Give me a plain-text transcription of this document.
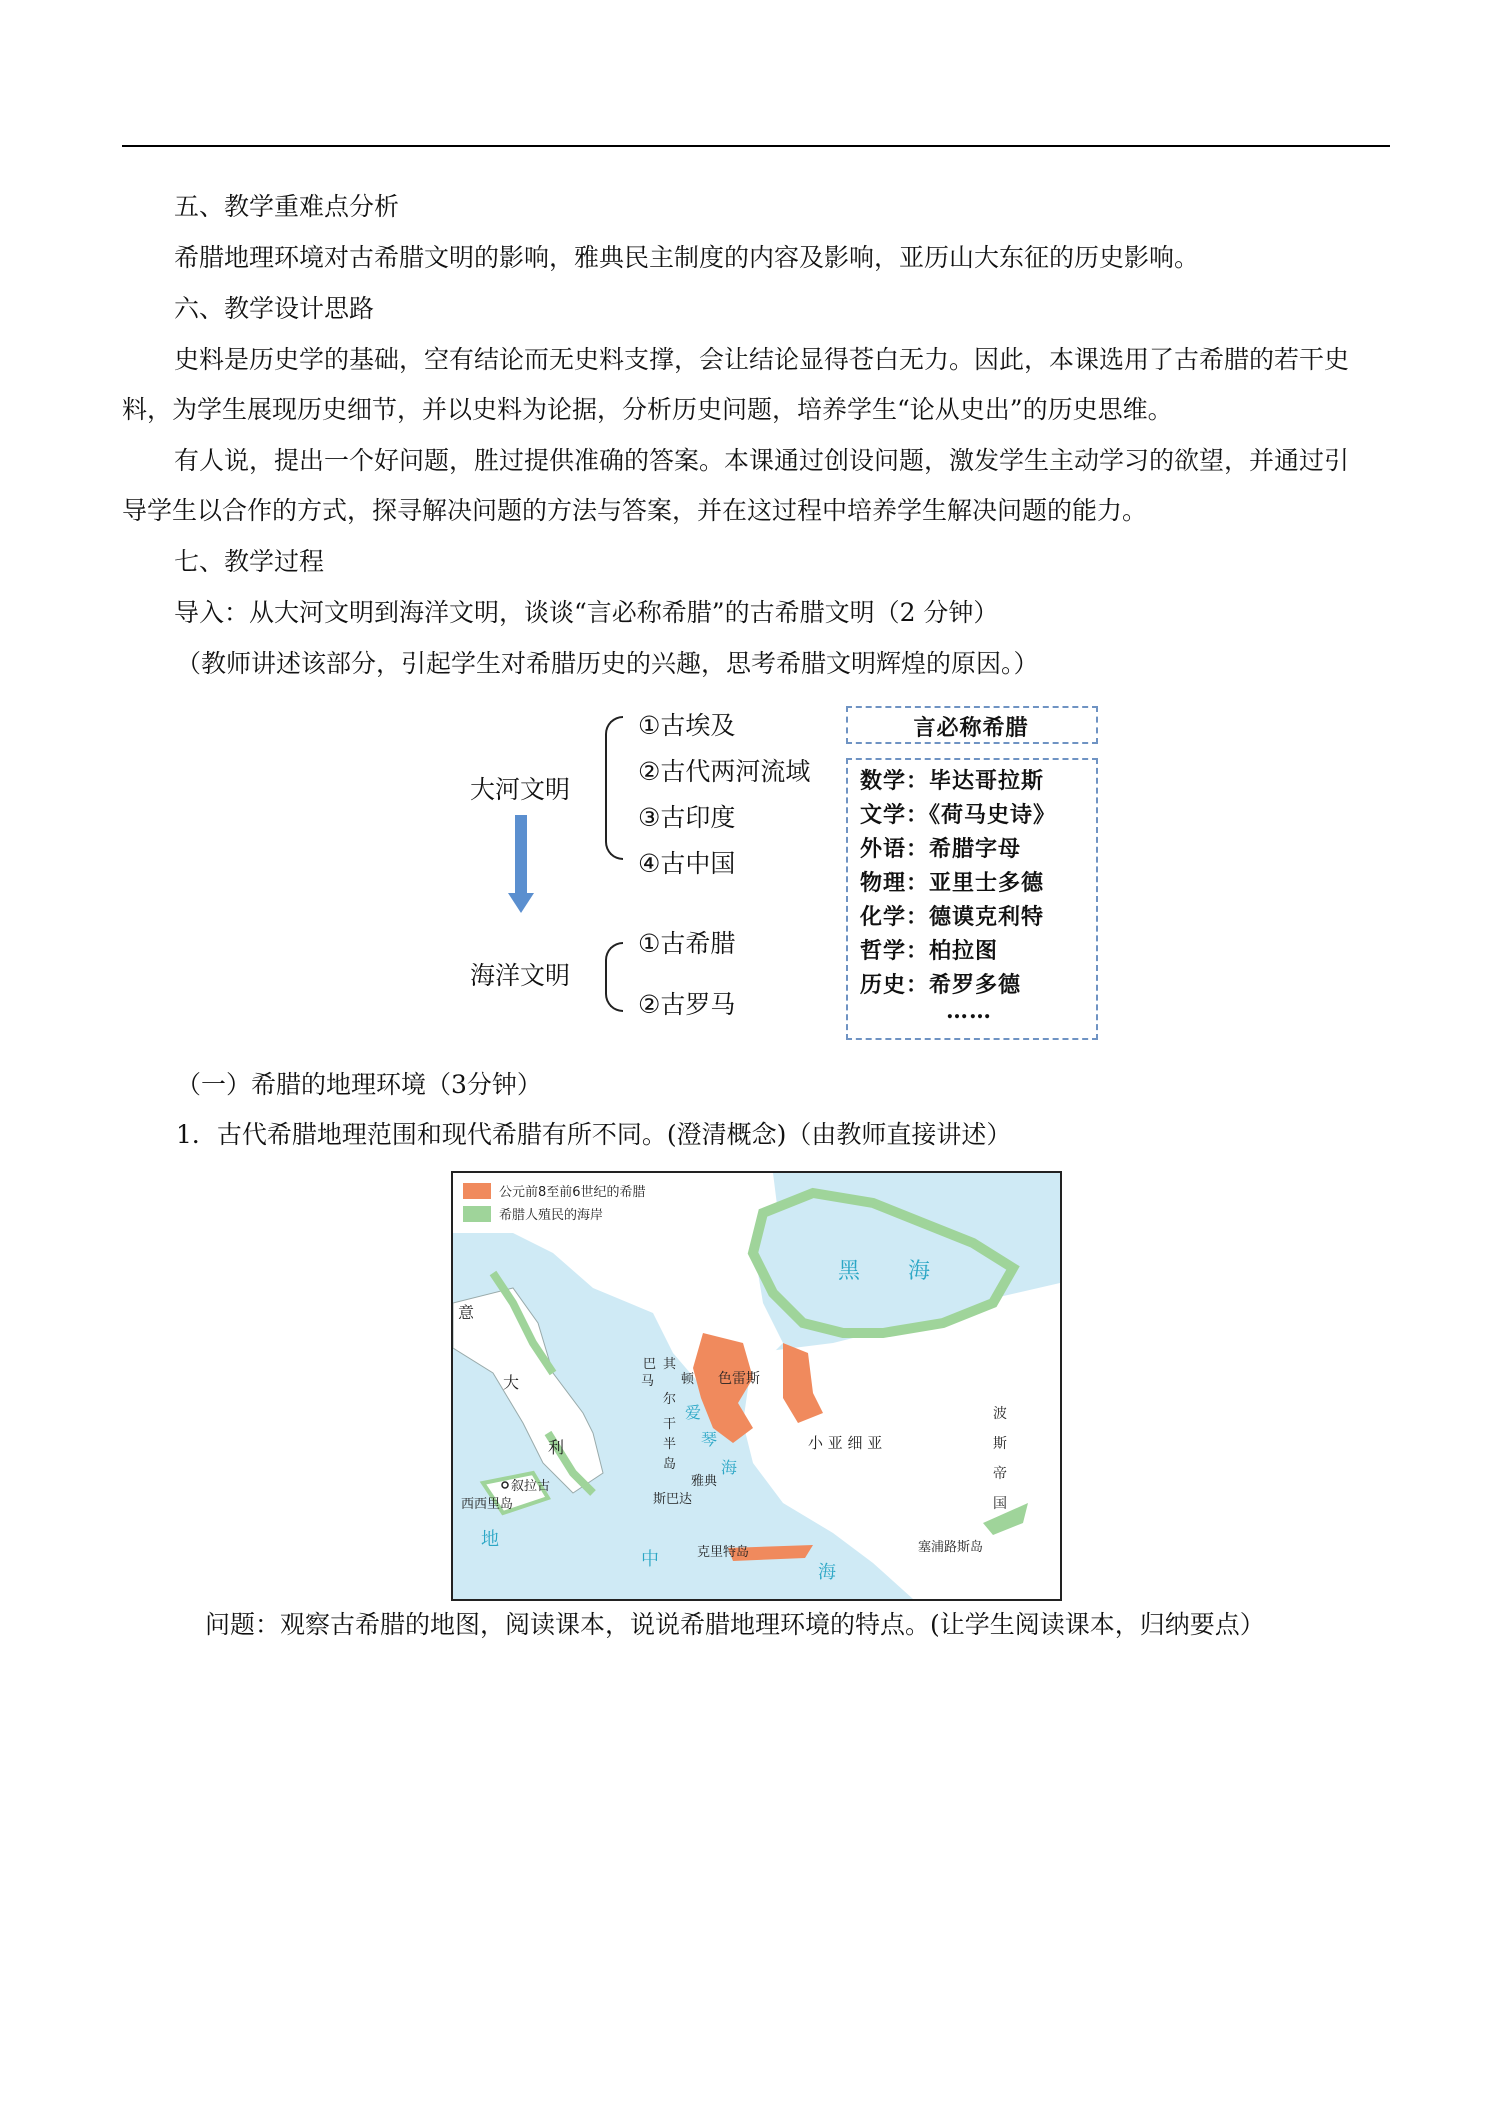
五、教学重难点分析

希腊地理环境对古希腊文明的影响，雅典民主制度的内容及影响，亚历山大东征的历史影响。

六、教学设计思路

史料是历史学的基础，空有结论而无史料支撑，会让结论显得苍白无力。因此，本课选用了古希腊的若干史料，为学生展现历史细节，并以史料为论据，分析历史问题，培养学生“论从史出”的历史思维。

有人说，提出一个好问题，胜过提供准确的答案。本课通过创设问题，激发学生主动学习的欲望，并通过引导学生以合作的方式，探寻解决问题的方法与答案，并在这过程中培养学生解决问题的能力。

七、教学过程

导入：从大河文明到海洋文明，谈谈“言必称希腊”的古希腊文明（2 分钟）

（教师讲述该部分，引起学生对希腊历史的兴趣，思考希腊文明辉煌的原因。）

大河文明
①古埃及
②古代两河流域
③古印度
④古中国
海洋文明
①古希腊
②古罗马
言必称希腊
数学：毕达哥拉斯
文学：《荷马史诗》
外语：希腊字母
物理：亚里士多德
化学：德谟克利特
哲学：柏拉图
历史：希罗多德
……

（一）希腊的地理环境（3分钟）

1．古代希腊地理范围和现代希腊有所不同。(澄清概念)（由教师直接讲述）

公元前8至前6世纪的希腊
希腊人殖民的海岸
黑 海
意
大
利
巴
尔
干
半
岛
马
其
顿 色雷斯
爱
琴
海
小 亚 细 亚
波
斯
帝
国
叙拉古
西西里岛
雅典
斯巴达
克里特岛	塞浦路斯岛
地
中
海

问题：观察古希腊的地图，阅读课本，说说希腊地理环境的特点。(让学生阅读课本，归纳要点）
